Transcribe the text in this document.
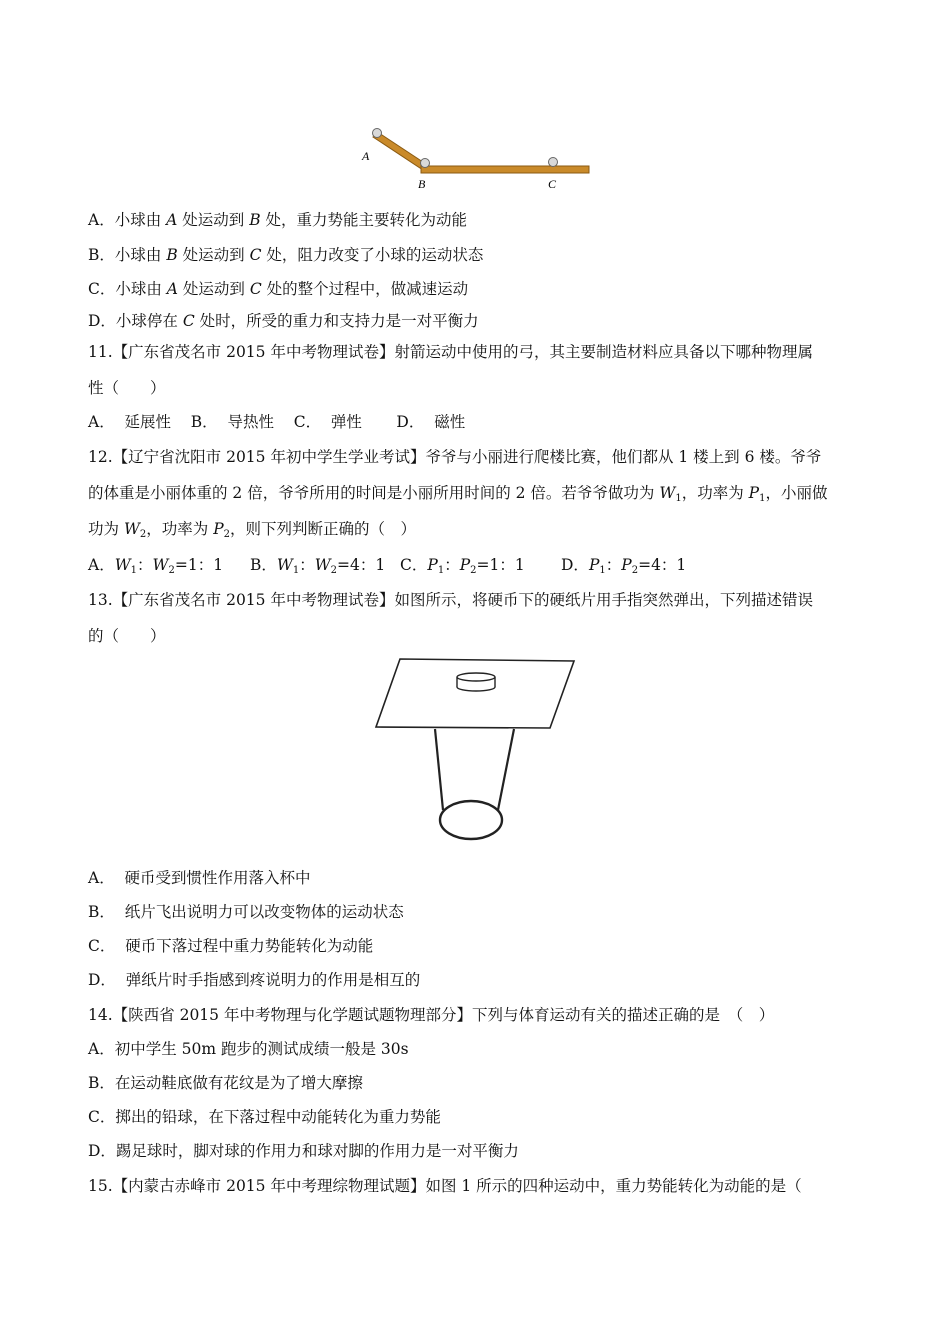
A
B	C
A．小球由 A 处运动到 B 处，重力势能主要转化为动能
B．小球由 B 处运动到 C 处，阻力改变了小球的运动状态
C．小球由 A 处运动到 C 处的整个过程中，做减速运动
D．小球停在 C 处时，所受的重力和支持力是一对平衡力
11.【广东省茂名市 2015 年中考物理试卷】射箭运动中使用的弓，其主要制造材料应具备以下哪种物理属
性（　　）
A．  延展性    B．  导热性    C．  弹性       D．  磁性
12.【辽宁省沈阳市 2015 年初中学生学业考试】爷爷与小丽进行爬楼比赛，他们都从 1 楼上到 6 楼。爷爷
的体重是小丽体重的 2 倍，爷爷所用的时间是小丽所用时间的 2 倍。若爷爷做功为 $W_1$，功率为 $P_1$，小丽做
功为 $W_2$，功率为 $P_2$，则下列判断正确的（　）
A．$W_1$：$W_2=1$：1 B．$W_1$：$W_2=4$：1 C．$P_1$：$P_2=1$：1 D．$P_1$：$P_2=4$：1
13.【广东省茂名市 2015 年中考物理试卷】如图所示，将硬币下的硬纸片用手指突然弹出，下列描述错误
的（　　）
A．  硬币受到惯性作用落入杯中
B．  纸片飞出说明力可以改变物体的运动状态
C．  硬币下落过程中重力势能转化为动能
D．  弹纸片时手指感到疼说明力的作用是相互的
14.【陕西省 2015 年中考物理与化学题试题物理部分】下列与体育运动有关的描述正确的是　（　）
A．初中学生 50m 跑步的测试成绩一般是 30s
B．在运动鞋底做有花纹是为了增大摩擦
C．掷出的铅球，在下落过程中动能转化为重力势能
D．踢足球时，脚对球的作用力和球对脚的作用力是一对平衡力
15.【内蒙古赤峰市 2015 年中考理综物理试题】如图 1 所示的四种运动中，重力势能转化为动能的是（
